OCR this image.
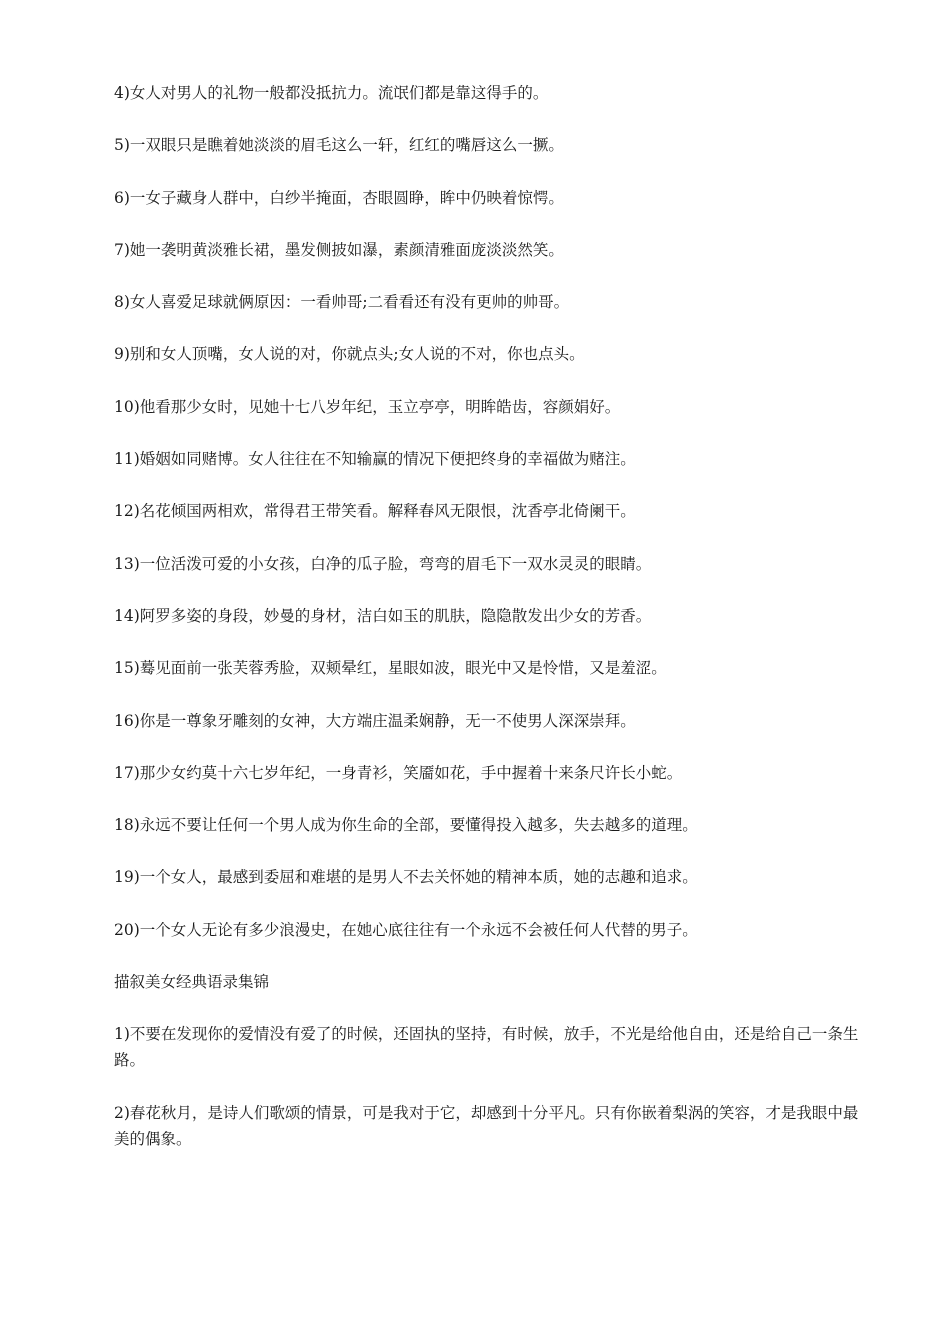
4)女人对男人的礼物一般都没抵抗力。流氓们都是靠这得手的。

5)一双眼只是瞧着她淡淡的眉毛这么一轩，红红的嘴唇这么一撅。

6)一女子藏身人群中，白纱半掩面，杏眼圆睁，眸中仍映着惊愕。

7)她一袭明黄淡雅长裙，墨发侧披如瀑，素颜清雅面庞淡淡然笑。

8)女人喜爱足球就俩原因：一看帅哥;二看看还有没有更帅的帅哥。

9)别和女人顶嘴，女人说的对，你就点头;女人说的不对，你也点头。

10)他看那少女时，见她十七八岁年纪，玉立亭亭，明眸皓齿，容颜娟好。

11)婚姻如同赌博。女人往往在不知输赢的情况下便把终身的幸福做为赌注。

12)名花倾国两相欢，常得君王带笑看。解释春风无限恨，沈香亭北倚阑干。

13)一位活泼可爱的小女孩，白净的瓜子脸，弯弯的眉毛下一双水灵灵的眼睛。

14)阿罗多姿的身段，妙曼的身材，洁白如玉的肌肤，隐隐散发出少女的芳香。

15)蓦见面前一张芙蓉秀脸，双颊晕红，星眼如波，眼光中又是怜惜，又是羞涩。

16)你是一尊象牙雕刻的女神，大方端庄温柔娴静，无一不使男人深深崇拜。

17)那少女约莫十六七岁年纪，一身青衫，笑靥如花，手中握着十来条尺许长小蛇。

18)永远不要让任何一个男人成为你生命的全部，要懂得投入越多，失去越多的道理。

19)一个女人，最感到委屈和难堪的是男人不去关怀她的精神本质，她的志趣和追求。

20)一个女人无论有多少浪漫史，在她心底往往有一个永远不会被任何人代替的男子。

描叙美女经典语录集锦

1)不要在发现你的爱情没有爱了的时候，还固执的坚持，有时候，放手，不光是给他自由，还是给自己一条生路。

2)春花秋月，是诗人们歌颂的情景，可是我对于它，却感到十分平凡。只有你嵌着梨涡的笑容，才是我眼中最美的偶象。
